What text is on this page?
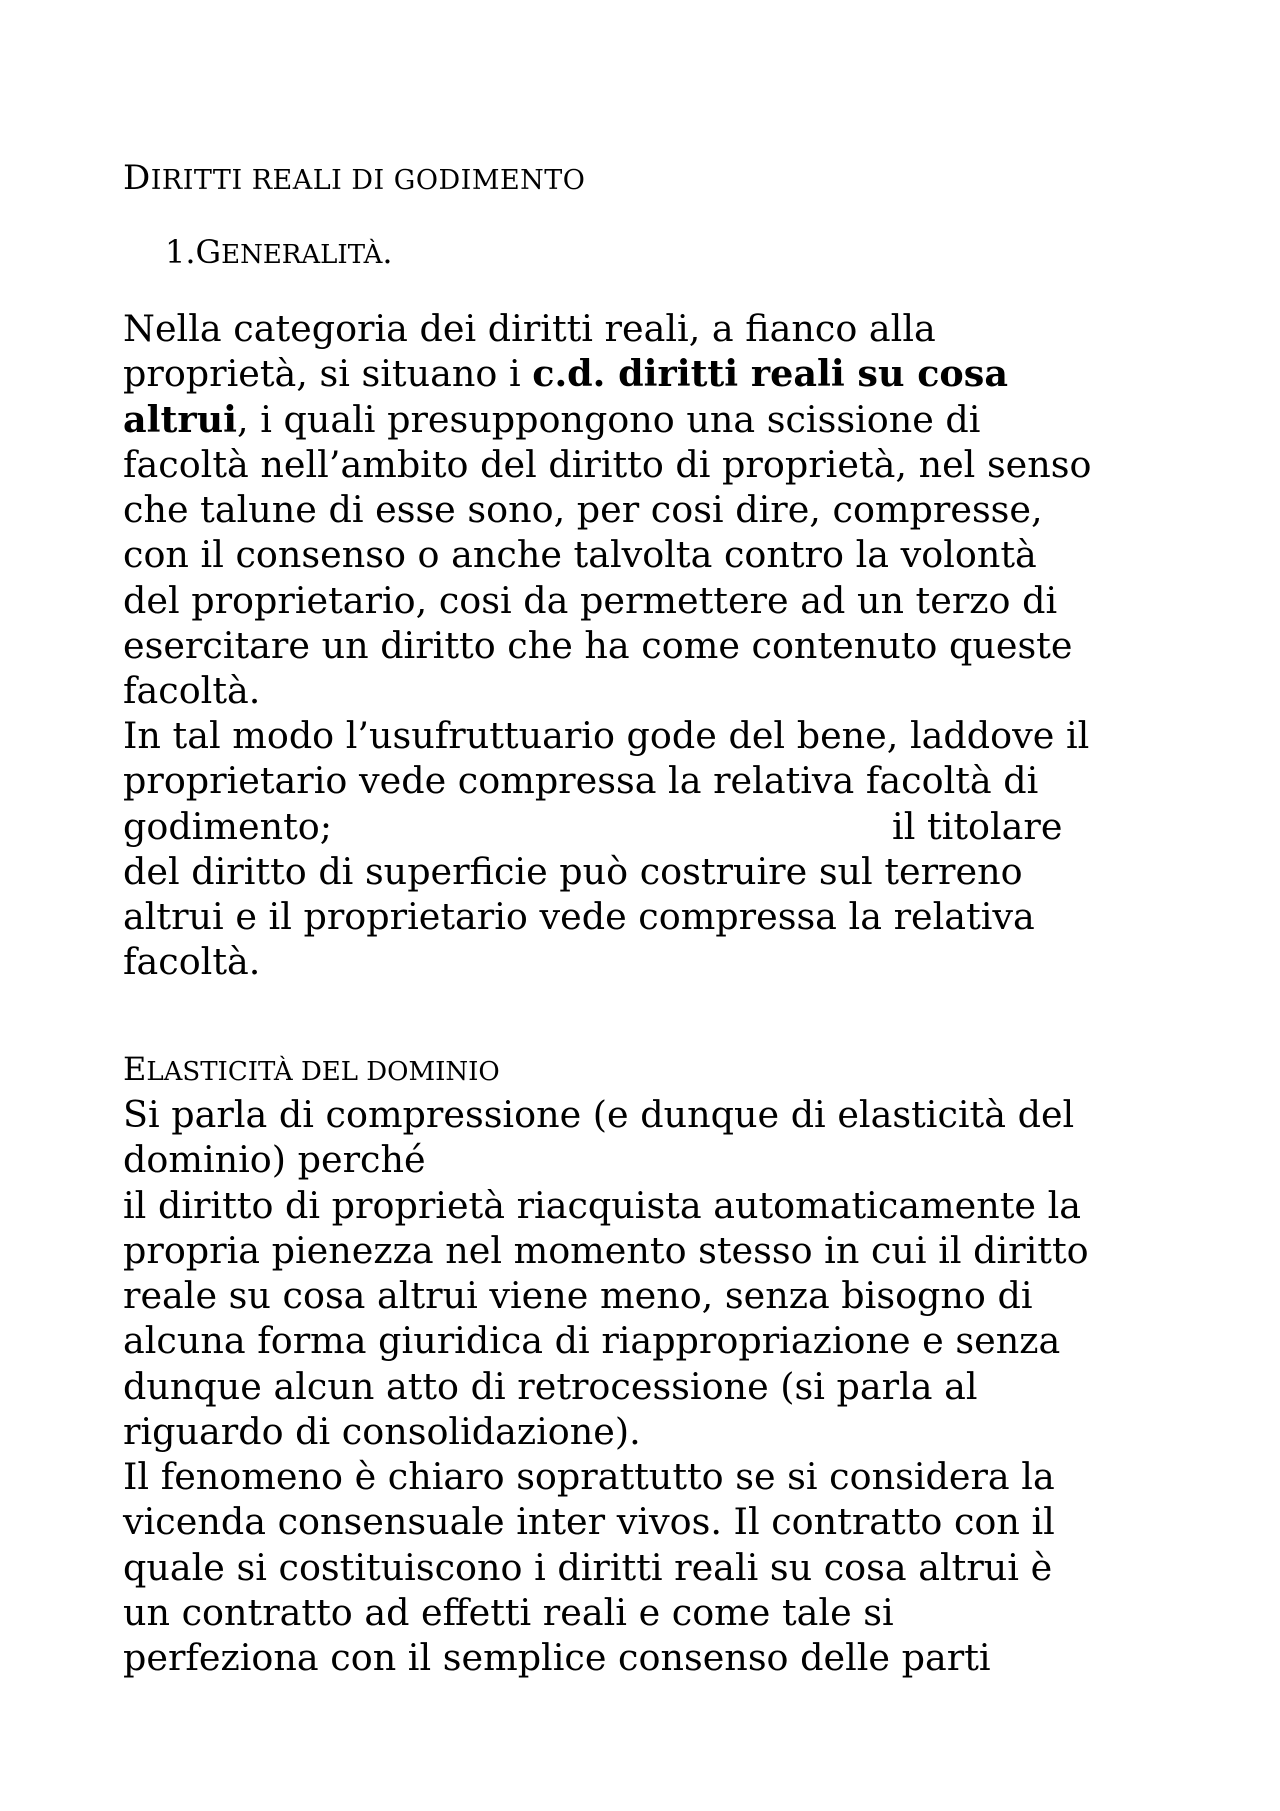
DIRITTI REALI DI GODIMENTO
1.GENERALITÀ.
Nella categoria dei diritti reali, a fianco alla
proprietà, si situano i c.d. diritti reali su cosa
altrui, i quali presuppongono una scissione di
facoltà nell’ambito del diritto di proprietà, nel senso
che talune di esse sono, per cosi dire, compresse,
con il consenso o anche talvolta contro la volontà
del proprietario, cosi da permettere ad un terzo di
esercitare un diritto che ha come contenuto queste
facoltà.
In tal modo l’usufruttuario gode del bene, laddove il
proprietario vede compressa la relativa facoltà di
godimento;	il titolare
del diritto di superficie può costruire sul terreno
altrui e il proprietario vede compressa la relativa
facoltà.
ELASTICITÀ DEL DOMINIO
Si parla di compressione (e dunque di elasticità del
dominio) perché
il diritto di proprietà riacquista automaticamente la
propria pienezza nel momento stesso in cui il diritto
reale su cosa altrui viene meno, senza bisogno di
alcuna forma giuridica di riappropriazione e senza
dunque alcun atto di retrocessione (si parla al
riguardo di consolidazione).
Il fenomeno è chiaro soprattutto se si considera la
vicenda consensuale inter vivos. Il contratto con il
quale si costituiscono i diritti reali su cosa altrui è
un contratto ad effetti reali e come tale si
perfeziona con il semplice consenso delle parti
